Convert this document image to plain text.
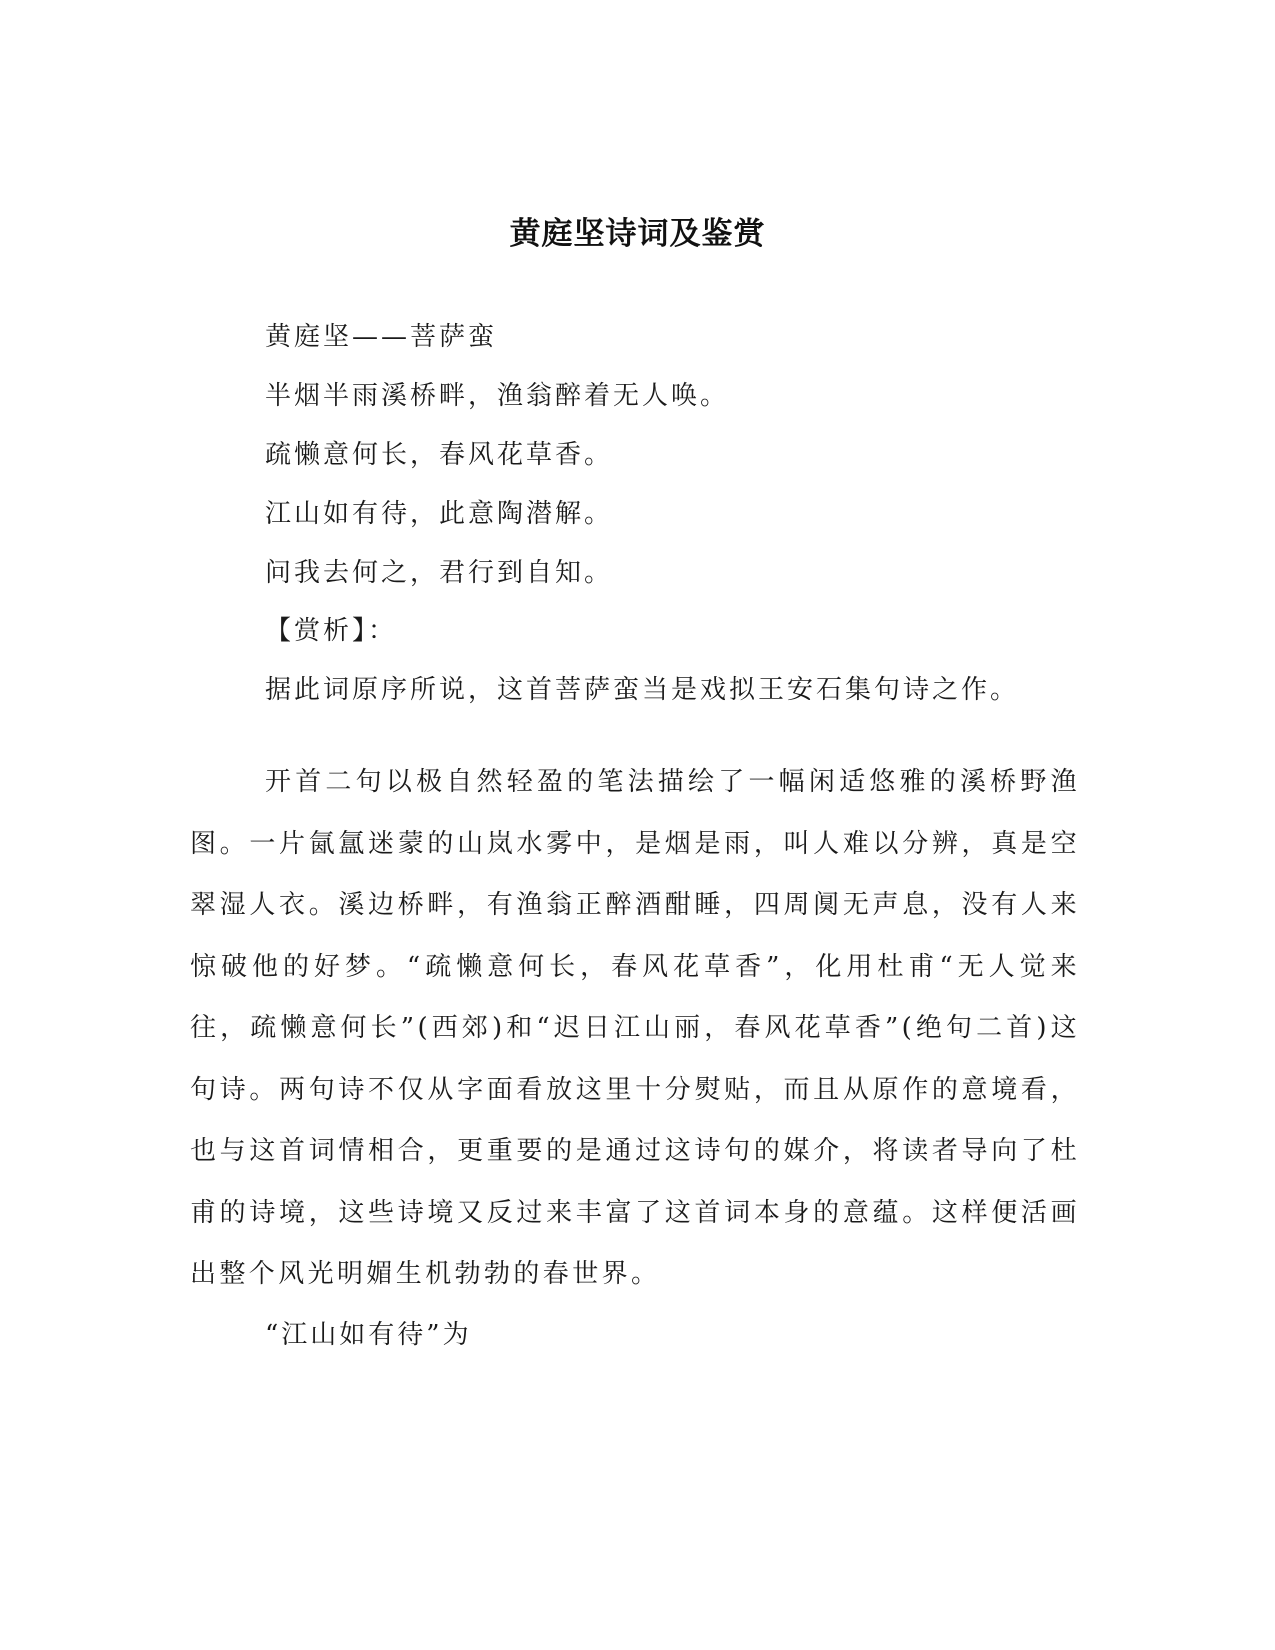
黄庭坚诗词及鉴赏
黄庭坚——菩萨蛮
半烟半雨溪桥畔，渔翁醉着无人唤。
疏懒意何长，春风花草香。
江山如有待，此意陶潜解。
问我去何之，君行到自知。
【赏析】：
据此词原序所说，这首菩萨蛮当是戏拟王安石集句诗之作。

开首二句以极自然轻盈的笔法描绘了一幅闲适悠雅的溪桥野渔图。一片氤氲迷蒙的山岚水雾中，是烟是雨，叫人难以分辨，真是空翠湿人衣。溪边桥畔，有渔翁正醉酒酣睡，四周阒无声息，没有人来惊破他的好梦。“疏懒意何长，春风花草香”，化用杜甫“无人觉来往，疏懒意何长”(西郊)和“迟日江山丽，春风花草香”(绝句二首)这句诗。两句诗不仅从字面看放这里十分熨贴，而且从原作的意境看，也与这首词情相合，更重要的是通过这诗句的媒介，将读者导向了杜甫的诗境，这些诗境又反过来丰富了这首词本身的意蕴。这样便活画出整个风光明媚生机勃勃的春世界。

“江山如有待”为
